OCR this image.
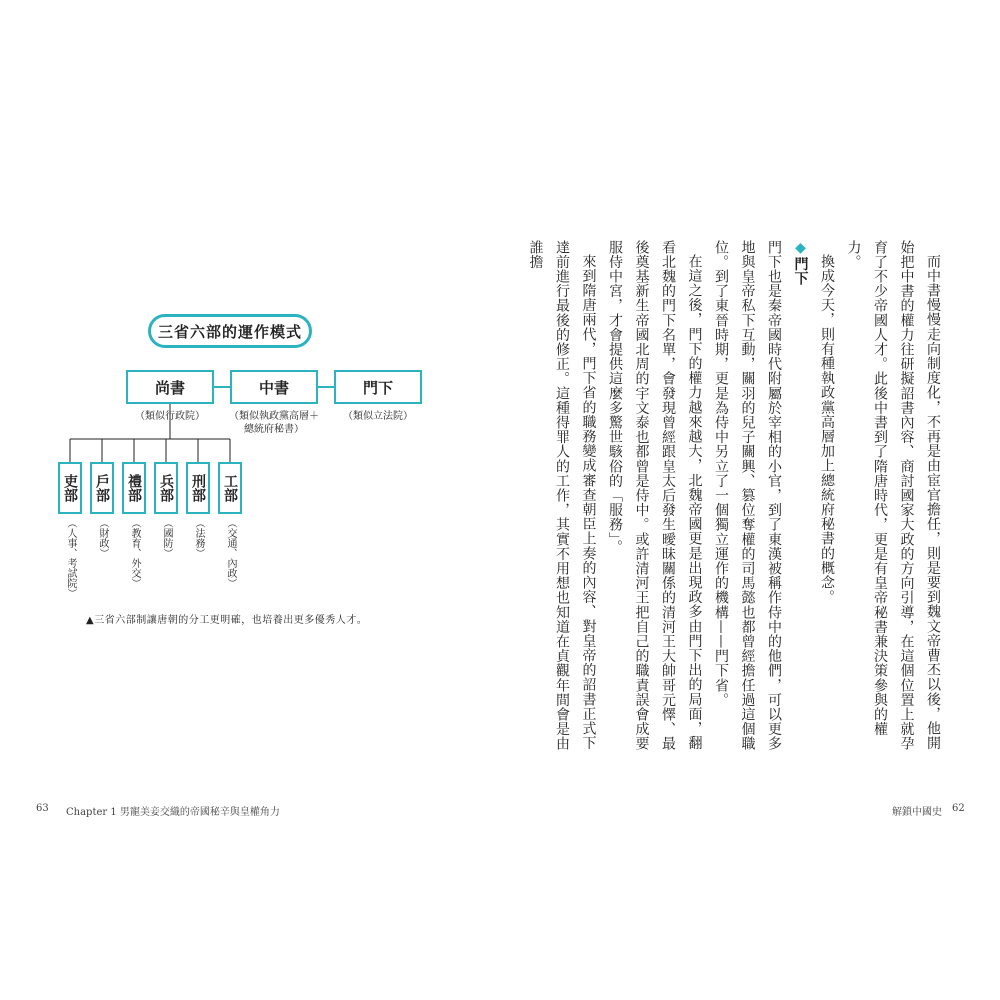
三省六部的運作模式
尚書	中書	門下
（類似行政院）	（類似執政黨高層＋總統府秘書）
（類似立法院）
吏部 戶部 禮部 兵部 刑部 工部
（人事、考試院） （財政） （教育、外交） （國防） （法務） （交通、內政）
▲三省六部制讓唐朝的分工更明確，也培養出更多優秀人才。	而中書慢慢走向制度化，不再是由宦官擔任，則是要到魏文帝曹丕以後，他開始把中書的權力往研擬詔書內容、商討國家大政的方向引導，在這個位置上就孕育了不少帝國人才。此後中書到了隋唐時代，更是有皇帝秘書兼決策參與的權力。

換成今天，則有種執政黨高層加上總統府秘書的概念。

◆門下

門下也是秦帝國時代附屬於宰相的小官，到了東漢被稱作侍中的他們，可以更多地與皇帝私下互動，關羽的兒子關興、篡位奪權的司馬懿也都曾經擔任過這個職位。到了東晉時期，更是為侍中另立了一個獨立運作的機構——門下省。

在這之後，門下的權力越來越大，北魏帝國更是出現政多由門下出的局面，翻看北魏的門下名單，會發現曾經跟皇太后發生曖昧關係的清河王大帥哥元懌、最後奠基新生帝國北周的宇文泰也都曾是侍中。或許清河王把自己的職責誤會成要服侍中宮，才會提供這麼多驚世駭俗的「服務」。

來到隋唐兩代，門下省的職務變成審查朝臣上奏的內容、對皇帝的詔書正式下達前進行最後的修正。這種得罪人的工作，其實不用想也知道在貞觀年間會是由誰擔

63 Chapter 1 男寵美妾交織的帝國秘辛與皇權角力	解鎖中國史 62
